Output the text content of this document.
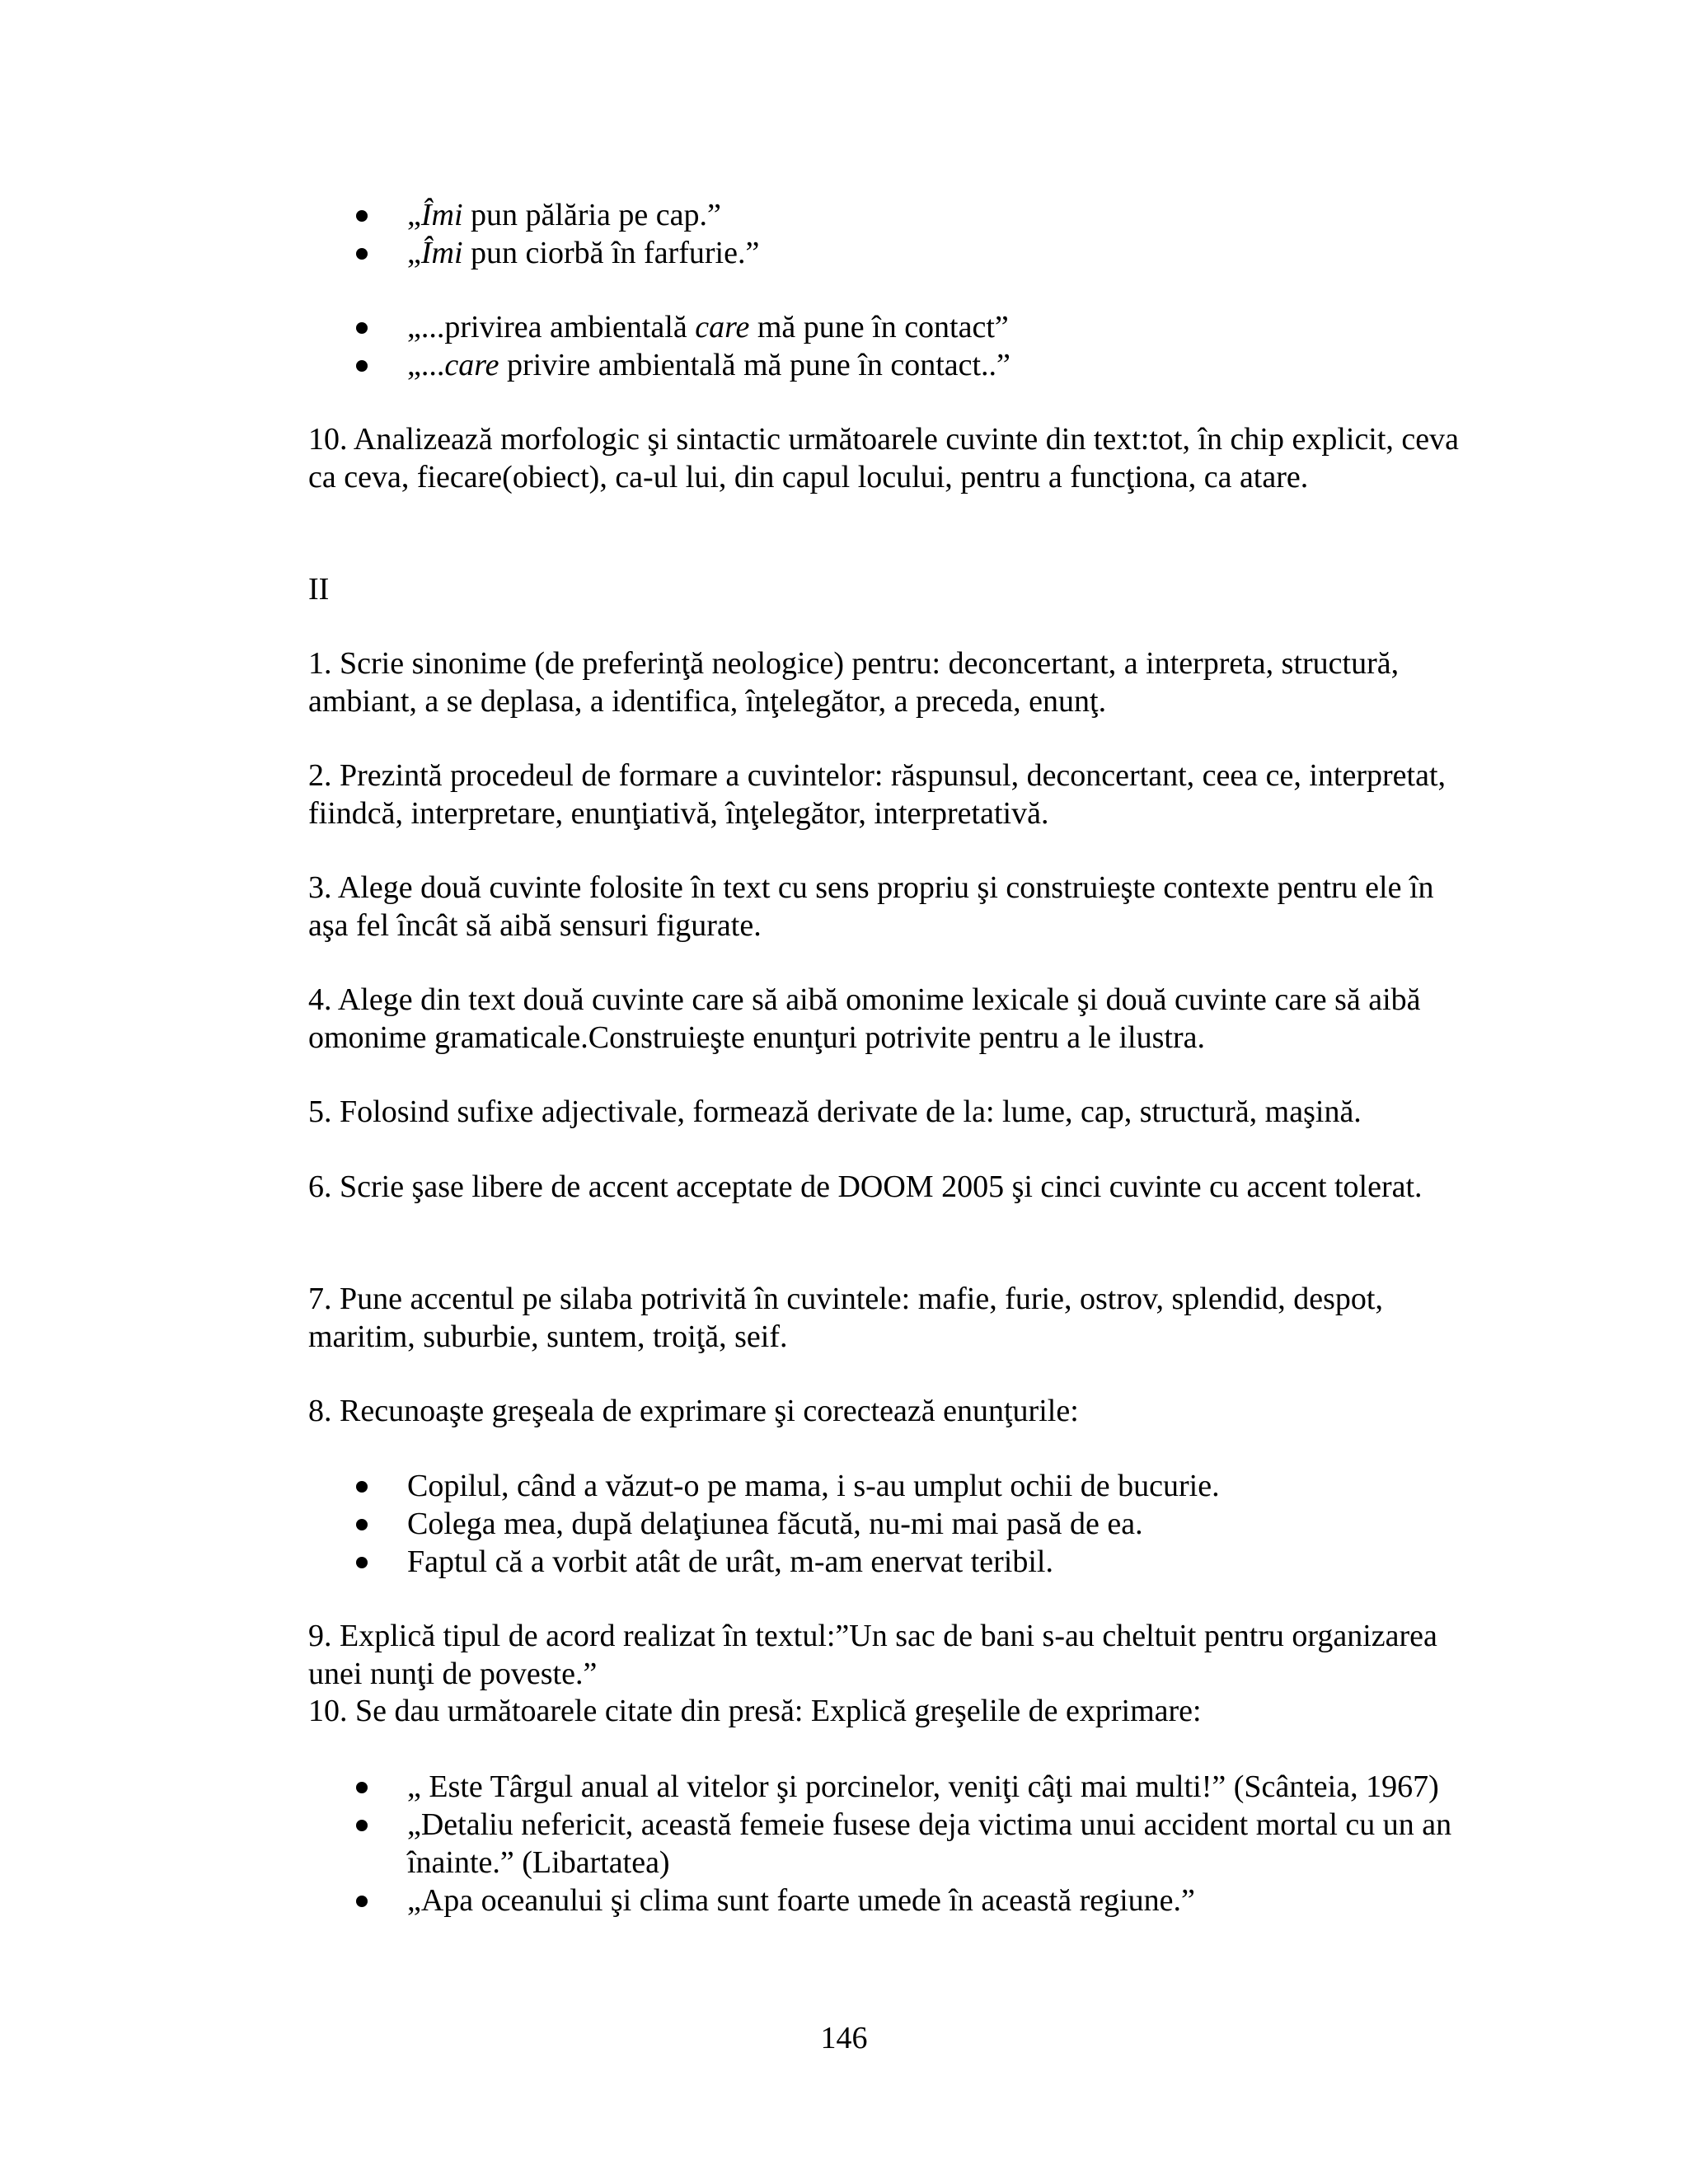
„Îmi pun pălăria pe cap.”
„Îmi pun ciorbă în farfurie.”
„...privirea ambientală care mă pune în contact”
„...care privire ambientală mă pune în contact..”

10. Analizează morfologic şi sintactic următoarele cuvinte din text:tot, în chip explicit, ceva ca ceva, fiecare(obiect), ca-ul lui, din capul locului, pentru a funcţiona, ca atare.

II

1. Scrie sinonime (de preferinţă neologice) pentru: deconcertant, a interpreta, structură, ambiant, a se deplasa, a identifica, înţelegător, a preceda, enunţ.

2. Prezintă procedeul de formare a cuvintelor: răspunsul, deconcertant, ceea ce, interpretat, fiindcă, interpretare, enunţiativă, înţelegător, interpretativă.

3. Alege două cuvinte folosite în text cu sens propriu şi construieşte contexte pentru ele în aşa fel încât să aibă sensuri figurate.

4. Alege din text două cuvinte care să aibă omonime lexicale şi două cuvinte care să aibă omonime gramaticale.Construieşte enunţuri potrivite pentru a le ilustra.

5. Folosind sufixe adjectivale, formează derivate de la: lume, cap, structură, maşină.

6. Scrie şase libere de accent acceptate de DOOM 2005 şi cinci cuvinte cu accent tolerat.

7. Pune accentul pe silaba potrivită în cuvintele: mafie, furie, ostrov, splendid, despot, maritim, suburbie, suntem, troiţă, seif.

8. Recunoaşte greşeala de exprimare şi corectează enunţurile:

Copilul, când a văzut-o pe mama, i s-au umplut ochii de bucurie.
Colega mea, după delaţiunea făcută, nu-mi mai pasă de ea.
Faptul că a vorbit atât de urât, m-am enervat teribil.

9. Explică tipul de acord realizat în textul:”Un sac de bani s-au cheltuit pentru organizarea unei nunţi de poveste.”

10. Se dau următoarele citate din presă: Explică greşelile de exprimare:

„ Este Târgul anual al vitelor şi porcinelor, veniţi câţi mai multi!” (Scânteia, 1967)
„Detaliu nefericit, această femeie fusese deja victima unui accident mortal cu un an înainte.” (Libartatea)
„Apa oceanului şi clima sunt foarte umede în această regiune.”
146
